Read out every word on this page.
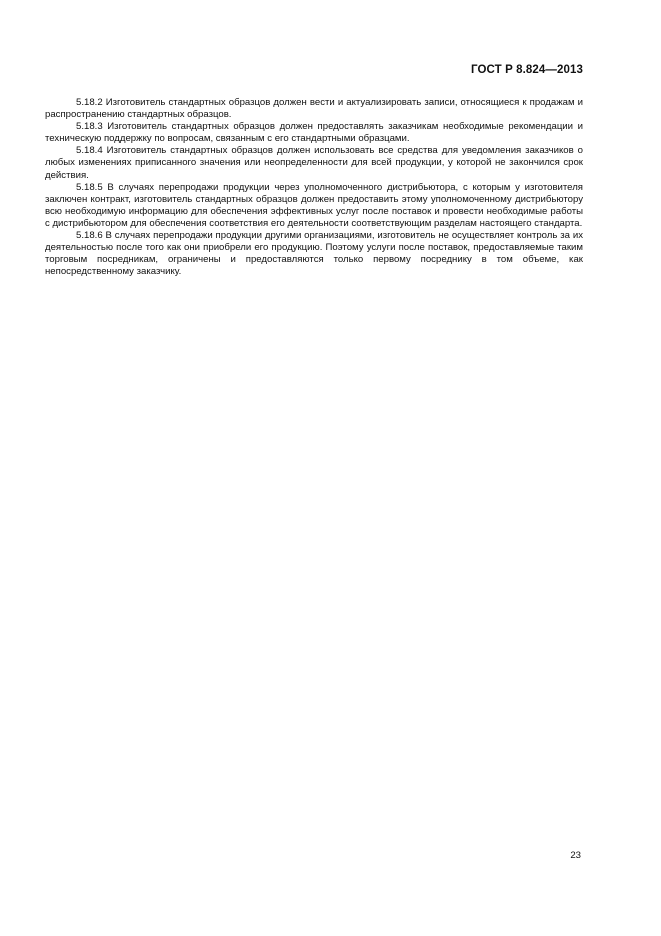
ГОСТ Р 8.824—2013

5.18.2 Изготовитель стандартных образцов должен вести и актуализировать записи, относящиеся к продажам и распространению стандартных образцов.

5.18.3 Изготовитель стандартных образцов должен предоставлять заказчикам необходимые рекомендации и техническую поддержку по вопросам, связанным с его стандартными образцами.

5.18.4 Изготовитель стандартных образцов должен использовать все средства для уведомления заказчиков о любых изменениях приписанного значения или неопределенности для всей продукции, у которой не закончился срок действия.

5.18.5 В случаях перепродажи продукции через уполномоченного дистрибьютора, с которым у изготовителя заключен контракт, изготовитель стандартных образцов должен предоставить этому уполномоченному дистрибьютору всю необходимую информацию для обеспечения эффективных услуг после поставок и провести необходимые работы с дистрибьютором для обеспечения соответствия его деятельности соответствующим разделам настоящего стандарта.

5.18.6 В случаях перепродажи продукции другими организациями, изготовитель не осуществляет контроль за их деятельностью после того как они приобрели его продукцию. Поэтому услуги после поставок, предоставляемые таким торговым посредникам, ограничены и предоставляются только первому посреднику в том объеме, как непосредственному заказчику.

23
